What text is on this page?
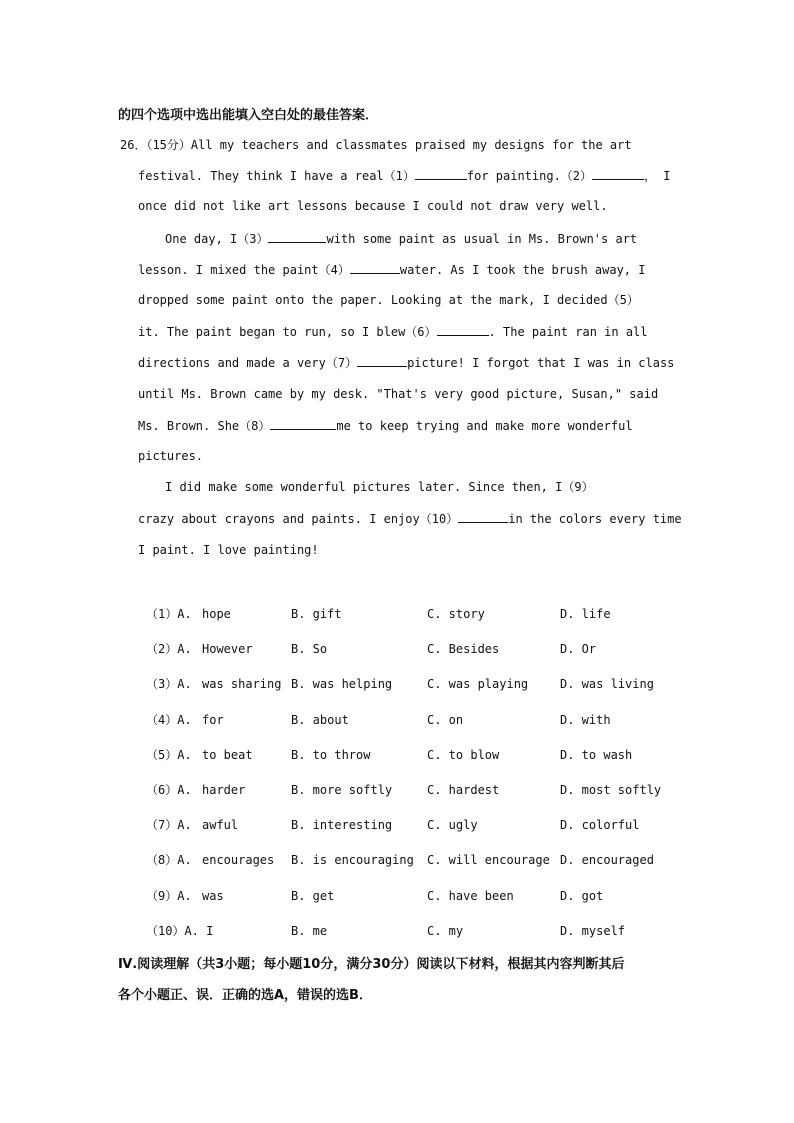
的四个选项中选出能填入空白处的最佳答案．
26．（15分）All my teachers and classmates praised my designs for the art
festival. They think I have a real（1）	for painting.（2）	， I
once did not like art lessons because I could not draw very well.
One day, I（3）	with some paint as usual in Ms. Brown's art
lesson. I mixed the paint（4）	water. As I took the brush away, I
dropped some paint onto the paper. Looking at the mark, I decided（5）
it. The paint began to run, so I blew（6）	. The paint ran in all
directions and made a very（7）	picture! I forgot that I was in class
until Ms. Brown came by my desk. "That's very good picture, Susan," said
Ms. Brown. She（8）	me to keep trying and make more wonderful
pictures.
I did make some wonderful pictures later. Since then, I（9）
crazy about crayons and paints. I enjoy（10）	in the colors every time
I paint. I love painting!
（1）A. hope	B. gift	C. story	D. life
（2）A. However	B. So	C. Besides	D. Or
（3）A. was sharing B. was helping	C. was playing	D. was living
（4）A. for	B. about	C. on	D. with
（5）A. to beat	B. to throw	C. to blow	D. to wash
（6）A. harder	B. more softly	C. hardest	D. most softly
（7）A. awful	B. interesting	C. ugly	D. colorful
（8）A. encourages B. is encouraging C. will encourage D. encouraged
（9）A. was	B. get	C. have been	D. got
（10）A. I	B. me	C. my	D. myself
Ⅳ.阅读理解（共3小题；每小题10分，满分30分）阅读以下材料，根据其内容判断其后
各个小题正、误．正确的选A，错误的选B．
